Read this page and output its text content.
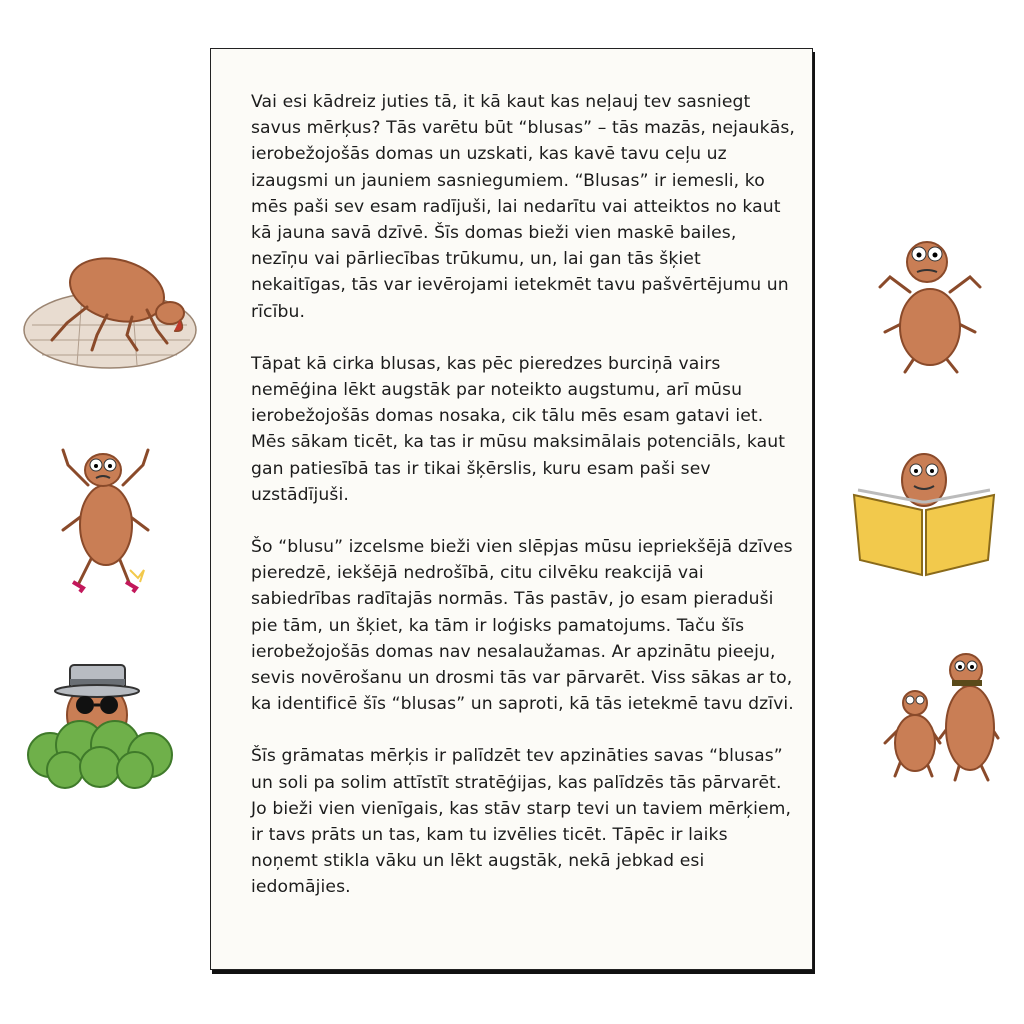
Vai esi kādreiz juties tā, it kā kaut kas neļauj tev sasniegt savus mērķus? Tās varētu būt “blusas” – tās mazās, nejaukās, ierobežojošās domas un uzskati, kas kavē tavu ceļu uz izaugsmi un jauniem sasniegumiem. “Blusas” ir iemesli, ko mēs paši sev esam radījuši, lai nedarītu vai atteiktos no kaut kā jauna savā dzīvē. Šīs domas bieži vien maskē bailes, nezīņu vai pārliecības trūkumu, un, lai gan tās šķiet nekaitīgas, tās var ievērojami ietekmēt tavu pašvērtējumu un rīcību.

Tāpat kā cirka blusas, kas pēc pieredzes burciņā vairs nemēģina lēkt augstāk par noteikto augstumu, arī mūsu ierobežojošās domas nosaka, cik tālu mēs esam gatavi iet. Mēs sākam ticēt, ka tas ir mūsu maksimālais potenciāls, kaut gan patiesībā tas ir tikai šķērslis, kuru esam paši sev uzstādījuši.

Šo “blusu” izcelsme bieži vien slēpjas mūsu iepriekšējā dzīves pieredzē, iekšējā nedrošībā, citu cilvēku reakcijā vai sabiedrības radītajās normās. Tās pastāv, jo esam pieraduši pie tām, un šķiet, ka tām ir loģisks pamatojums. Taču šīs ierobežojošās domas nav nesalaužamas. Ar apzinātu pieeju, sevis novērošanu un drosmi tās var pārvarēt. Viss sākas ar to, ka identificē šīs “blusas” un saproti, kā tās ietekmē tavu dzīvi.

Šīs grāmatas mērķis ir palīdzēt tev apzināties savas “blusas” un soli pa solim attīstīt stratēģijas, kas palīdzēs tās pārvarēt. Jo bieži vien vienīgais, kas stāv starp tevi un taviem mērķiem, ir tavs prāts un tas, kam tu izvēlies ticēt. Tāpēc ir laiks noņemt stikla vāku un lēkt augstāk, nekā jebkad esi iedomājies.
